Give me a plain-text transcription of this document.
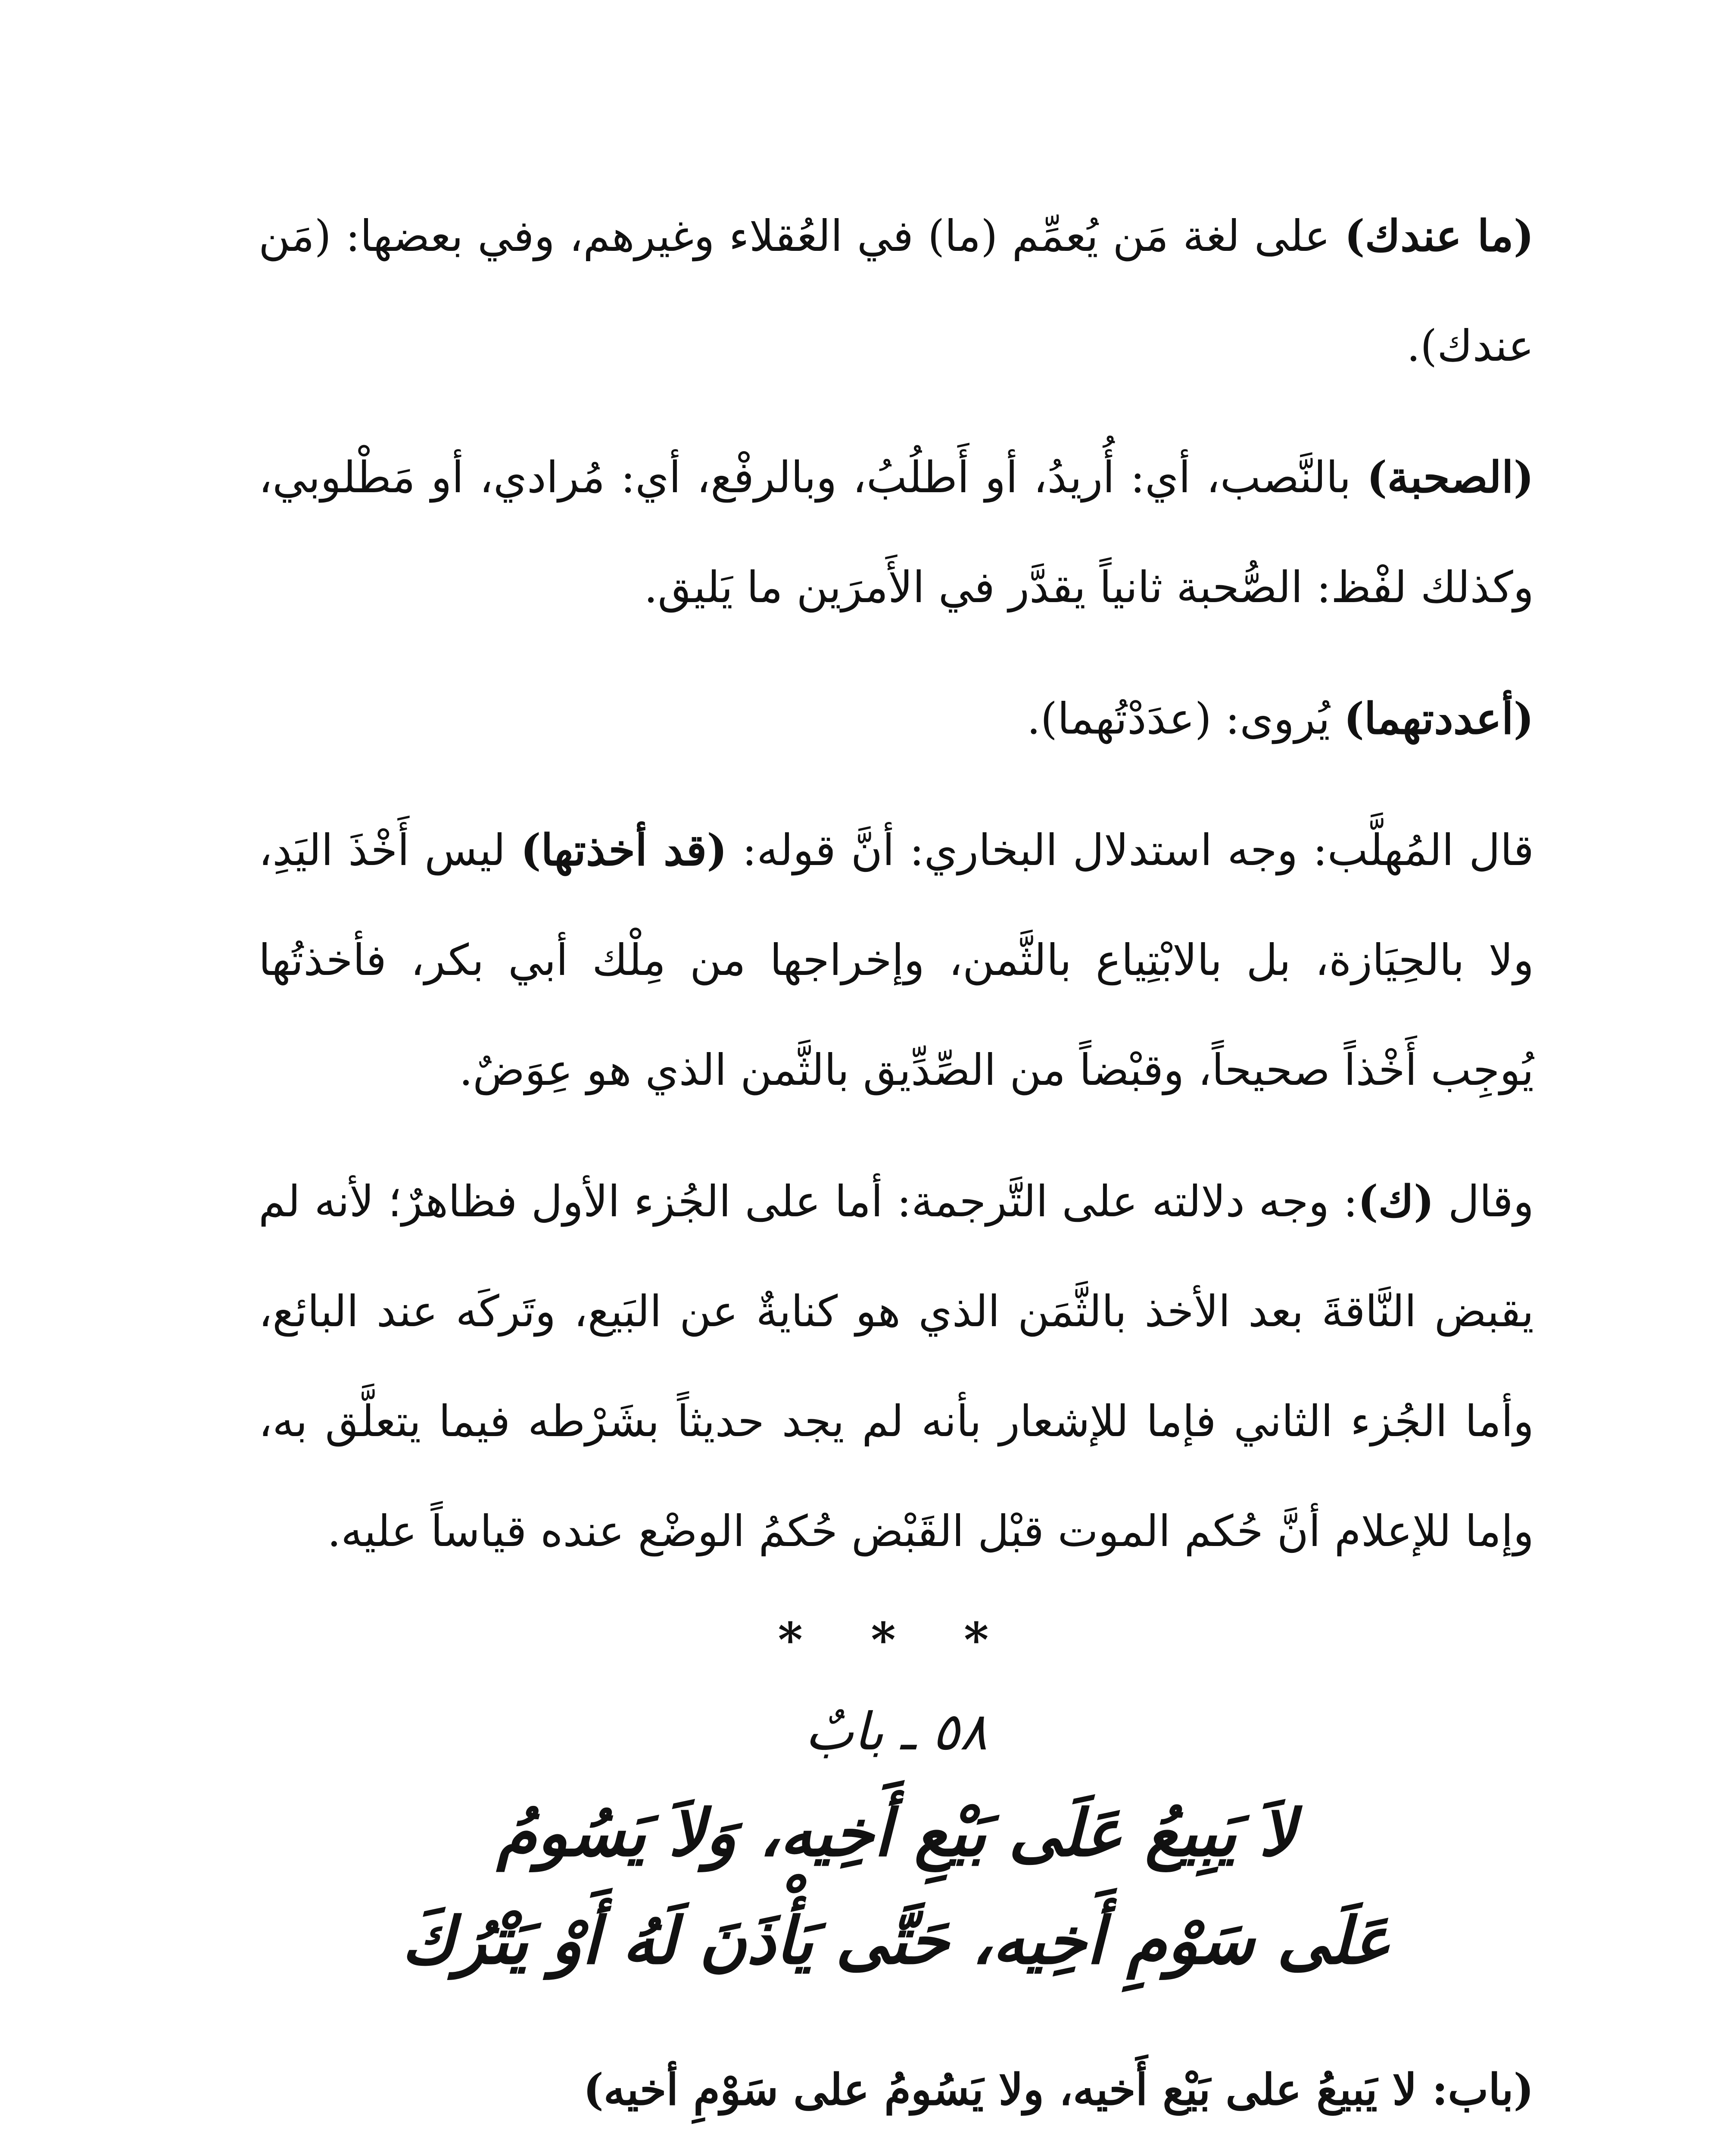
(ما عندك) على لغة مَن يُعمِّم (ما) في العُقلاء وغيرهم، وفي بعضها: (مَن عندك).

(الصحبة) بالنَّصب، أي: أُريدُ، أو أَطلُبُ، وبالرفْع، أي: مُرادي، أو مَطْلوبي، وكذلك لفْظ: الصُّحبة ثانياً يقدَّر في الأَمرَين ما يَليق.

(أعددتهما) يُروى: (عدَدْتُهما).

قال المُهلَّب: وجه استدلال البخاري: أنَّ قوله: (قد أخذتها) ليس أَخْذَ اليَدِ، ولا بالحِيَازة، بل بالابْتِياع بالثَّمن، وإخراجها من مِلْك أبي بكر، فأخذتُها يُوجِب أَخْذاً صحيحاً، وقبْضاً من الصِّدِّيق بالثَّمن الذي هو عِوَضٌ.

وقال (ك): وجه دلالته على التَّرجمة: أما على الجُزء الأول فظاهرٌ؛ لأنه لم يقبض النَّاقةَ بعد الأخذ بالثَّمَن الذي هو كنايةٌ عن البَيع، وتَركَه عند البائع، وأما الجُزء الثاني فإما للإشعار بأنه لم يجد حديثاً بشَرْطه فيما يتعلَّق به، وإما للإعلام أنَّ حُكم الموت قبْل القَبْض حُكمُ الوضْع عنده قياساً عليه.

* * *
٥٨ ـ بابٌ
لاَ يَبِيعُ عَلَى بَيْعِ أَخِيه، وَلاَ يَسُومُ
عَلَى سَوْمِ أَخِيه، حَتَّى يَأْذَنَ لَهُ أَوْ يَتْرُكَ
(باب: لا يَبيعُ على بَيْع أَخيه، ولا يَسُومُ على سَوْمِ أخيه)
